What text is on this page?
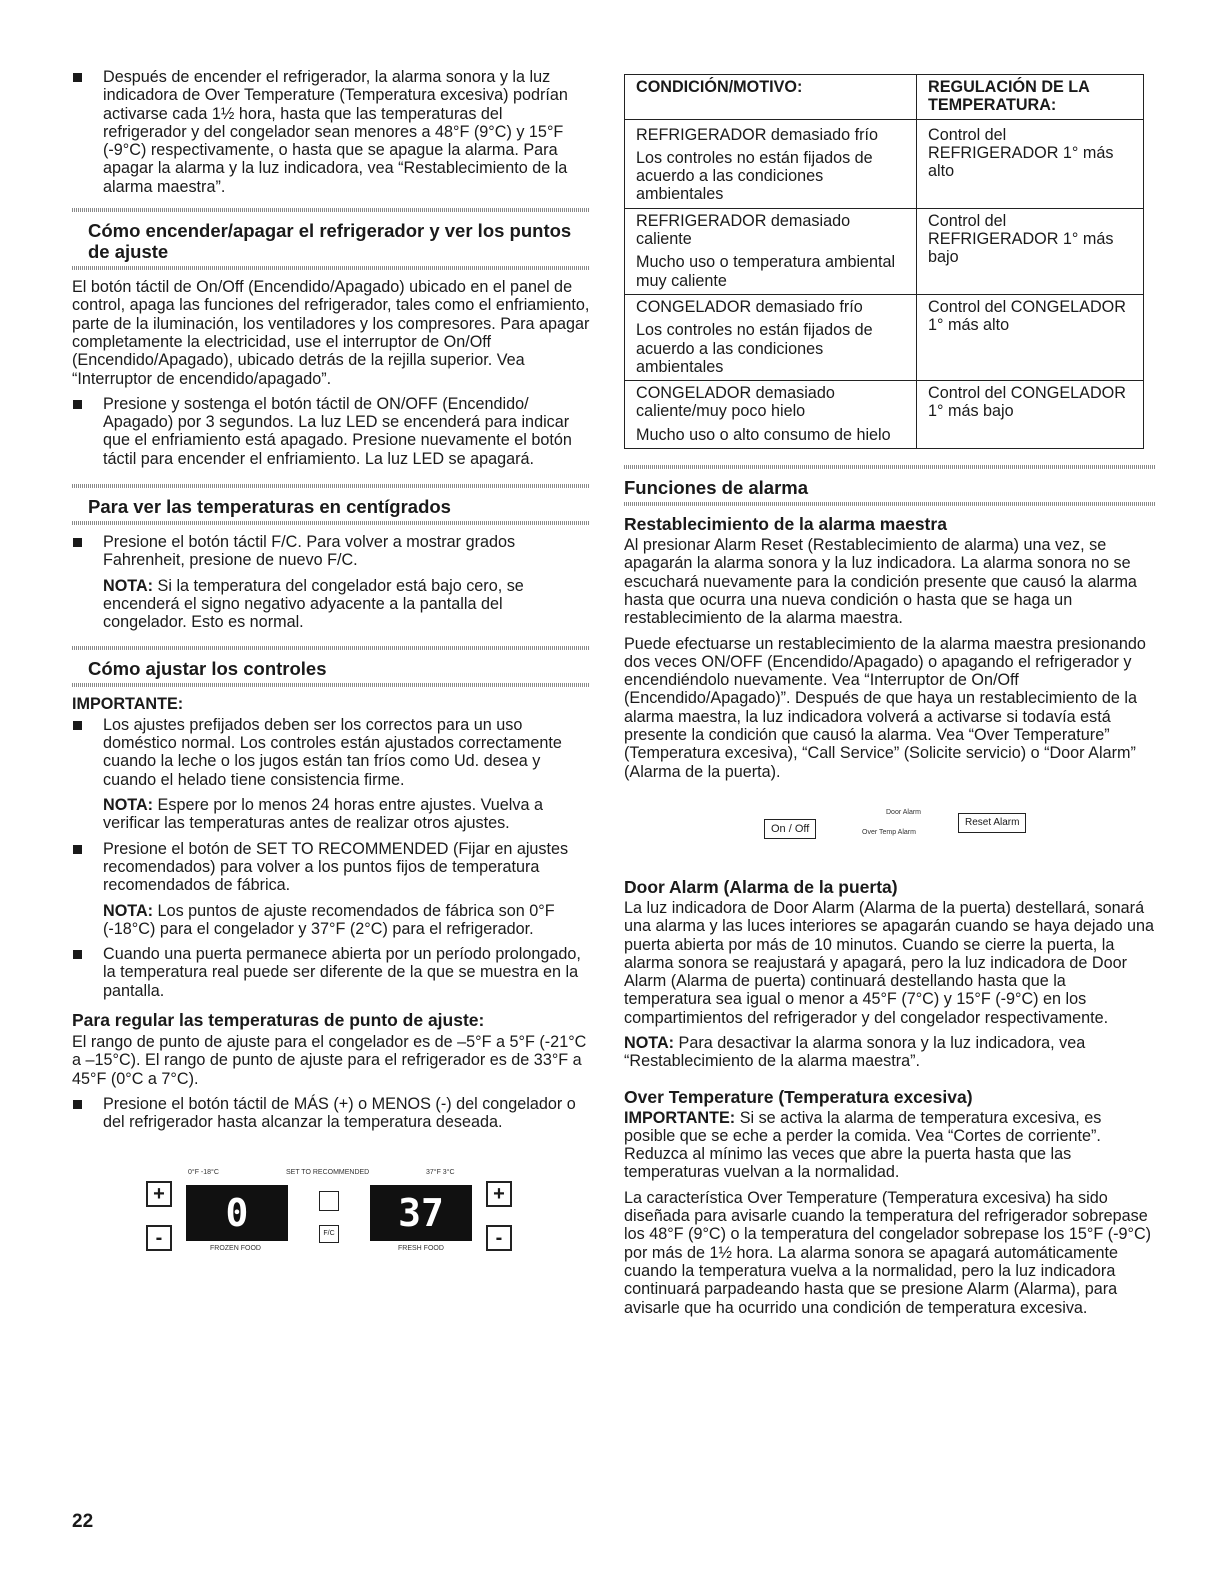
Después de encender el refrigerador, la alarma sonora y la luz indicadora de Over Temperature (Temperatura excesiva) podrían activarse cada 1½ hora, hasta que las temperaturas del refrigerador y del congelador sean menores a 48°F (9°C) y 15°F (-9°C) respectivamente, o hasta que se apague la alarma. Para apagar la alarma y la luz indicadora, vea “Restablecimiento de la alarma maestra”.

Cómo encender/apagar el refrigerador y ver los puntos de ajuste

El botón táctil de On/Off (Encendido/Apagado) ubicado en el panel de control, apaga las funciones del refrigerador, tales como el enfriamiento, parte de la iluminación, los ventiladores y los compresores. Para apagar completamente la electricidad, use el interruptor de On/Off (Encendido/Apagado), ubicado detrás de la rejilla superior. Vea “Interruptor de encendido/apagado”.

Presione y sostenga el botón táctil de ON/OFF (Encendido/ Apagado) por 3 segundos. La luz LED se encenderá para indicar que el enfriamiento está apagado. Presione nuevamente el botón táctil para encender el enfriamiento. La luz LED se apagará.

Para ver las temperaturas en centígrados

Presione el botón táctil F/C. Para volver a mostrar grados Fahrenheit, presione de nuevo F/C.

NOTA: Si la temperatura del congelador está bajo cero, se encenderá el signo negativo adyacente a la pantalla del congelador. Esto es normal.

Cómo ajustar los controles

IMPORTANTE:

Los ajustes prefijados deben ser los correctos para un uso doméstico normal. Los controles están ajustados correctamente cuando la leche o los jugos están tan fríos como Ud. desea y cuando el helado tiene consistencia firme.

NOTA: Espere por lo menos 24 horas entre ajustes. Vuelva a verificar las temperaturas antes de realizar otros ajustes.

Presione el botón de SET TO RECOMMENDED (Fijar en ajustes recomendados) para volver a los puntos fijos de temperatura recomendados de fábrica.

NOTA: Los puntos de ajuste recomendados de fábrica son 0°F (-18°C) para el congelador y 37°F (2°C) para el refrigerador.

Cuando una puerta permanece abierta por un período prolongado, la temperatura real puede ser diferente de la que se muestra en la pantalla.

Para regular las temperaturas de punto de ajuste:

El rango de punto de ajuste para el congelador es de –5°F a 5°F (-21°C a –15°C). El rango de punto de ajuste para el refrigerador es de 33°F a 45°F (0°C a 7°C).

Presione el botón táctil de MÁS (+) o MENOS (-) del congelador o del refrigerador hasta alcanzar la temperatura deseada.

+
-
0°F -18°C
0
FROZEN FOOD
SET TO RECOMMENDED
F/C
37°F 3°C
37
FRESH FOOD
+
-
CONDICIÓN/MOTIVO:	REGULACIÓN DE LA TEMPERATURA:

REFRIGERADOR demasiado frío

Los controles no están fijados de acuerdo a las condiciones ambientales	Control del REFRIGERADOR 1° más alto

REFRIGERADOR demasiado caliente

Mucho uso o temperatura ambiental muy caliente	Control del REFRIGERADOR 1° más bajo

CONGELADOR demasiado frío

Los controles no están fijados de acuerdo a las condiciones ambientales	Control del CONGELADOR 1° más alto

CONGELADOR demasiado caliente/muy poco hielo

Mucho uso o alto consumo de hielo	Control del CONGELADOR 1° más bajo
Funciones de alarma
Restablecimiento de la alarma maestra

Al presionar Alarm Reset (Restablecimiento de alarma) una vez, se apagarán la alarma sonora y la luz indicadora. La alarma sonora no se escuchará nuevamente para la condición presente que causó la alarma hasta que ocurra una nueva condición o hasta que se haga un restablecimiento de la alarma maestra.

Puede efectuarse un restablecimiento de la alarma maestra presionando dos veces ON/OFF (Encendido/Apagado) o apagando el refrigerador y encendiéndolo nuevamente. Vea “Interruptor de On/Off (Encendido/Apagado)”. Después de que haya un restablecimiento de la alarma maestra, la luz indicadora volverá a activarse si todavía está presente la condición que causó la alarma. Vea “Over Temperature” (Temperatura excesiva), “Call Service” (Solicite servicio) o “Door Alarm” (Alarma de la puerta).

On / Off
Door Alarm
Over Temp Alarm
Reset Alarm
Door Alarm (Alarma de la puerta)

La luz indicadora de Door Alarm (Alarma de la puerta) destellará, sonará una alarma y las luces interiores se apagarán cuando se haya dejado una puerta abierta por más de 10 minutos. Cuando se cierre la puerta, la alarma sonora se reajustará y apagará, pero la luz indicadora de Door Alarm (Alarma de puerta) continuará destellando hasta que la temperatura sea igual o menor a 45°F (7°C) y 15°F (-9°C) en los compartimientos del refrigerador y del congelador respectivamente.

NOTA: Para desactivar la alarma sonora y la luz indicadora, vea “Restablecimiento de la alarma maestra”.

Over Temperature (Temperatura excesiva)

IMPORTANTE: Si se activa la alarma de temperatura excesiva, es posible que se eche a perder la comida. Vea “Cortes de corriente”. Reduzca al mínimo las veces que abre la puerta hasta que las temperaturas vuelvan a la normalidad.

La característica Over Temperature (Temperatura excesiva) ha sido diseñada para avisarle cuando la temperatura del refrigerador sobrepase los 48°F (9°C) o la temperatura del congelador sobrepase los 15°F (-9°C) por más de 1½ hora. La alarma sonora se apagará automáticamente cuando la temperatura vuelva a la normalidad, pero la luz indicadora continuará parpadeando hasta que se presione Alarm (Alarma), para avisarle que ha ocurrido una condición de temperatura excesiva.

22
